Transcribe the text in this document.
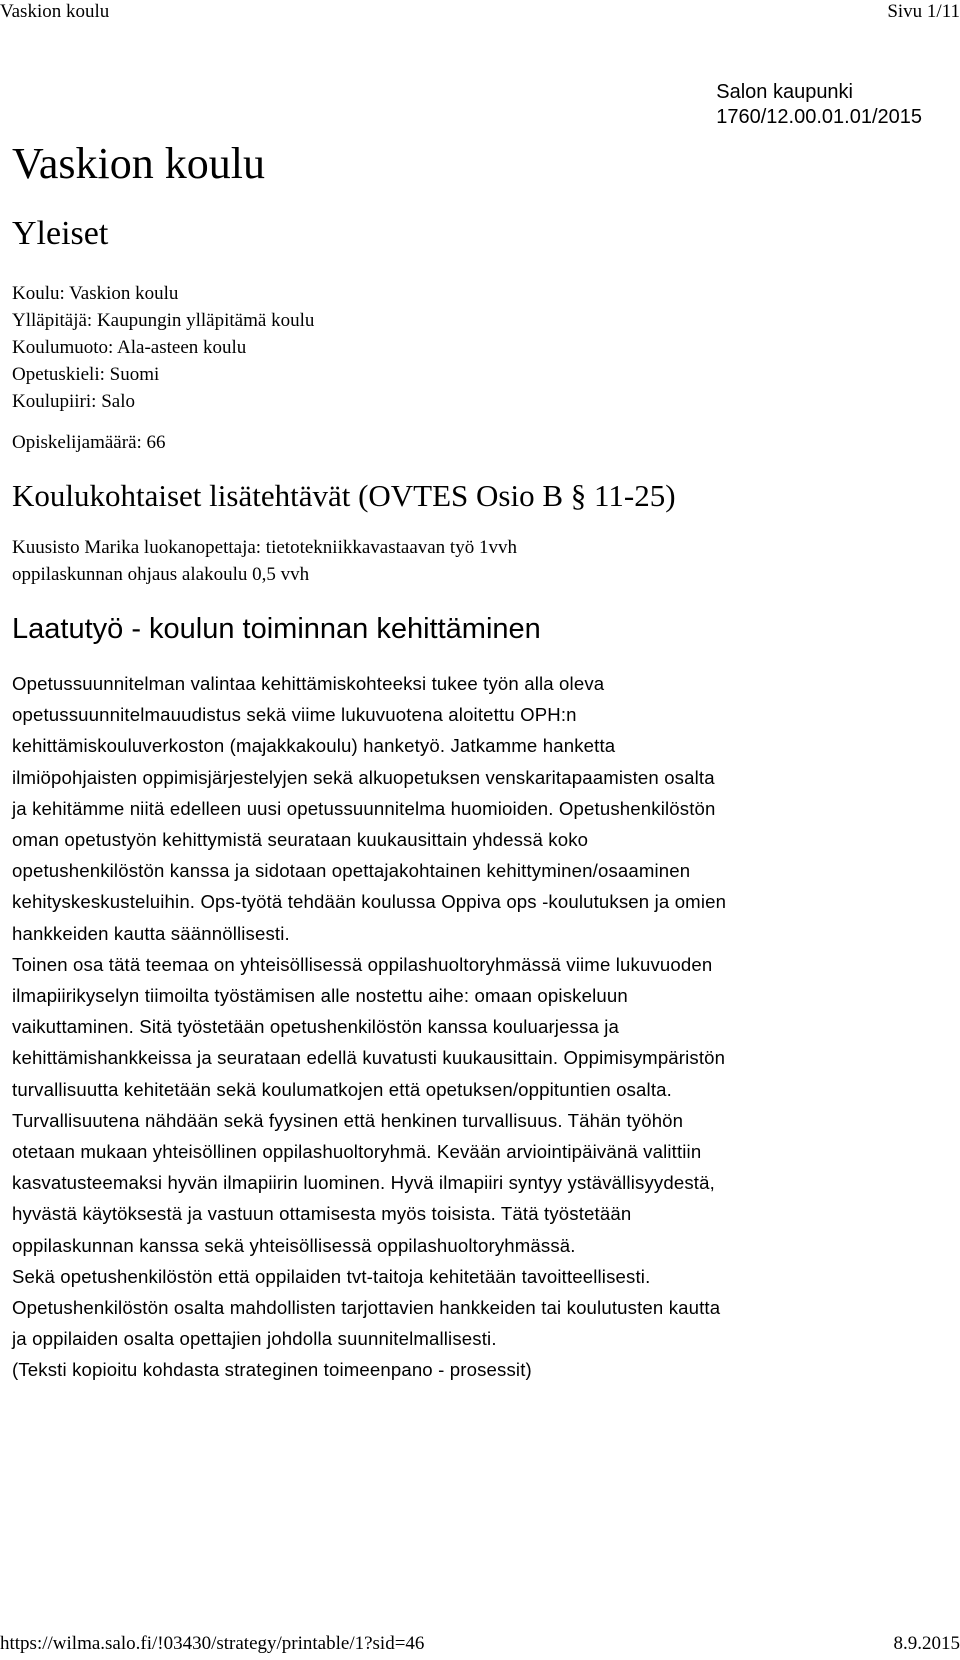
Vaskion koulu	Sivu 1/11
Salon kaupunki
1760/12.00.01.01/2015
Vaskion koulu
Yleiset
Koulu: Vaskion koulu
Ylläpitäjä: Kaupungin ylläpitämä koulu
Koulumuoto: Ala-asteen koulu
Opetuskieli: Suomi
Koulupiiri: Salo
Opiskelijamäärä: 66
Koulukohtaiset lisätehtävät (OVTES Osio B § 11-25)
Kuusisto Marika luokanopettaja: tietotekniikkavastaavan työ 1vvh
oppilaskunnan ohjaus alakoulu 0,5 vvh
Laatutyö - koulun toiminnan kehittäminen
Opetussuunnitelman valintaa kehittämiskohteeksi tukee työn alla oleva
opetussuunnitelmauudistus sekä viime lukuvuotena aloitettu OPH:n
kehittämiskouluverkoston (majakkakoulu) hanketyö. Jatkamme hanketta
ilmiöpohjaisten oppimisjärjestelyjen sekä alkuopetuksen venskaritapaamisten osalta
ja kehitämme niitä edelleen uusi opetussuunnitelma huomioiden. Opetushenkilöstön
oman opetustyön kehittymistä seurataan kuukausittain yhdessä koko
opetushenkilöstön kanssa ja sidotaan opettajakohtainen kehittyminen/osaaminen
kehityskeskusteluihin. Ops-työtä tehdään koulussa Oppiva ops -koulutuksen ja omien
hankkeiden kautta säännöllisesti.
Toinen osa tätä teemaa on yhteisöllisessä oppilashuoltoryhmässä viime lukuvuoden
ilmapiirikyselyn tiimoilta työstämisen alle nostettu aihe: omaan opiskeluun
vaikuttaminen. Sitä työstetään opetushenkilöstön kanssa kouluarjessa ja
kehittämishankkeissa ja seurataan edellä kuvatusti kuukausittain. Oppimisympäristön
turvallisuutta kehitetään sekä koulumatkojen että opetuksen/oppituntien osalta.
Turvallisuutena nähdään sekä fyysinen että henkinen turvallisuus. Tähän työhön
otetaan mukaan yhteisöllinen oppilashuoltoryhmä. Kevään arviointipäivänä valittiin
kasvatusteemaksi hyvän ilmapiirin luominen. Hyvä ilmapiiri syntyy ystävällisyydestä,
hyvästä käytöksestä ja vastuun ottamisesta myös toisista. Tätä työstetään
oppilaskunnan kanssa sekä yhteisöllisessä oppilashuoltoryhmässä.
Sekä opetushenkilöstön että oppilaiden tvt-taitoja kehitetään tavoitteellisesti.
Opetushenkilöstön osalta mahdollisten tarjottavien hankkeiden tai koulutusten kautta
ja oppilaiden osalta opettajien johdolla suunnitelmallisesti.
(Teksti kopioitu kohdasta strateginen toimeenpano - prosessit)
https://wilma.salo.fi/!03430/strategy/printable/1?sid=46	8.9.2015
